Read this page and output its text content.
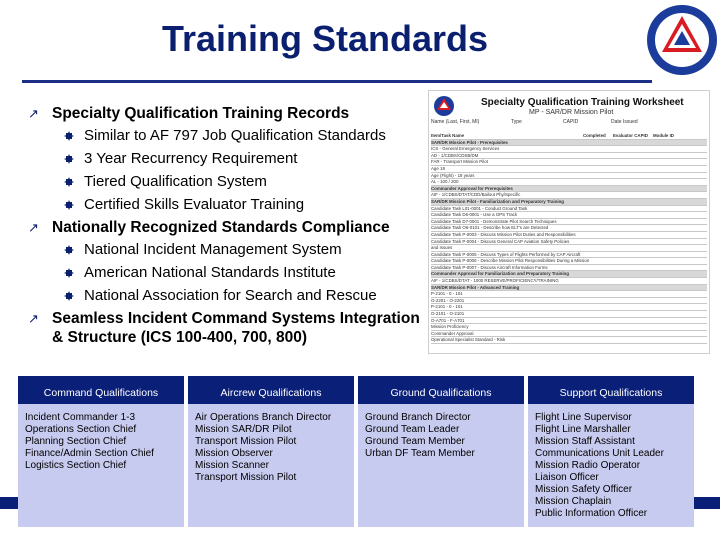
Training Standards
↗ Specialty Qualification Training Records
Similar to AF 797 Job Qualification Standards
3 Year Recurrency Requirement
Tiered Qualification System
Certified Skills Evaluator Training
↗ Nationally Recognized Standards Compliance
National Incident Management System
American National Standards Institute
National Association for Search and Rescue
↗ Seamless Incident Command Systems Integration & Structure (ICS 100-400, 700, 800)
Specialty Qualification Training Worksheet
MP - SAR/DR Mission Pilot
Name (Last, First, MI)	Type	CAPID	Date Issued
Item/Task Name	Completed Evaluator CAPID Module ID
SAR/DR Mission Pilot - Prerequisites
ICS - General Emergency Services
AD - 1/CDBS/CDSB/DM
FAR - Transport Mission Pilot
Age 18
Age (Flight) - 18 years
AL - 100 / 200
Commander Approval for Prerequisites
AIF - 1/CDBS/DTAT/CDD/Bailout Phy/Specific
SAR/DR Mission Pilot - Familiarization and Preparatory Training
Candidate Task L01-0001 - Conduct Ground Task
Candidate Task D6-0001 - Use a GPS Track
Candidate Task D7-0001 - Demonstrate Pilot Search Techniques
Candidate Task O6-0101 - Describe how ELT's are Detected
Candidate Task P-0003 - Discuss Mission Pilot Duties and Responsibilities
Candidate Task P-0004 - Discuss General CAP Aviation Safety Policies
and Issues
Candidate Task P-0005 - Discuss Types of Flights Performed by CAP Aircraft
Candidate Task P-0006 - Describe Mission Pilot Responsibilities During a Mission
Candidate Task P-0007 - Discuss Aircraft Information Forms
Commander Approval for Familiarization and Preparatory Training
AIF - 1/CDBS/DTAT - 1000 RESERVE/PROFICIENCY/TRAINING
SAR/DR Mission Pilot - Advanced Training
P-2101 - 0 - 101
O-2201 - O-2201
P-2101 - 0 - 101
O-2101 - O-2101
O-A701 - F-A701
Mission Proficiency
Commander Approval
Operational Specialist Standard - Risk
Command Qualifications
Incident Commander 1-3
Operations Section Chief
Planning Section Chief
Finance/Admin Section Chief
Logistics Section Chief
Aircrew Qualifications
Air Operations Branch Director
Mission SAR/DR Pilot
Transport Mission Pilot
Mission Observer
Mission Scanner
Transport Mission Pilot
Ground Qualifications
Ground Branch Director
Ground Team Leader
Ground Team Member
Urban DF Team Member
Support Qualifications
Flight Line Supervisor
Flight Line Marshaller
Mission Staff Assistant
Communications Unit Leader
Mission Radio Operator
Liaison Officer
Mission Safety Officer
Mission Chaplain
Public Information Officer
